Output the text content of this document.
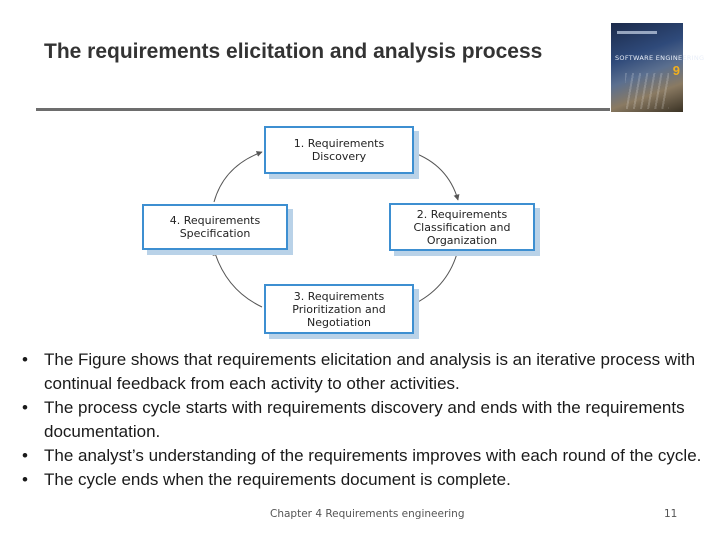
The requirements elicitation and analysis process	SOFTWARE ENGINEERING
9
1. Requirements
Discovery
2. Requirements
Classification and
Organization
3. Requirements
Prioritization and
Negotiation
4. Requirements
Specification
• The Figure shows that requirements elicitation and analysis is an iterative process with continual feedback from each activity to other activities.
• The process cycle starts with requirements discovery and ends with the requirements documentation.
• The analyst’s understanding of the requirements improves with each round of the cycle.
• The cycle ends when the requirements document is complete.
Chapter 4 Requirements engineering	11
